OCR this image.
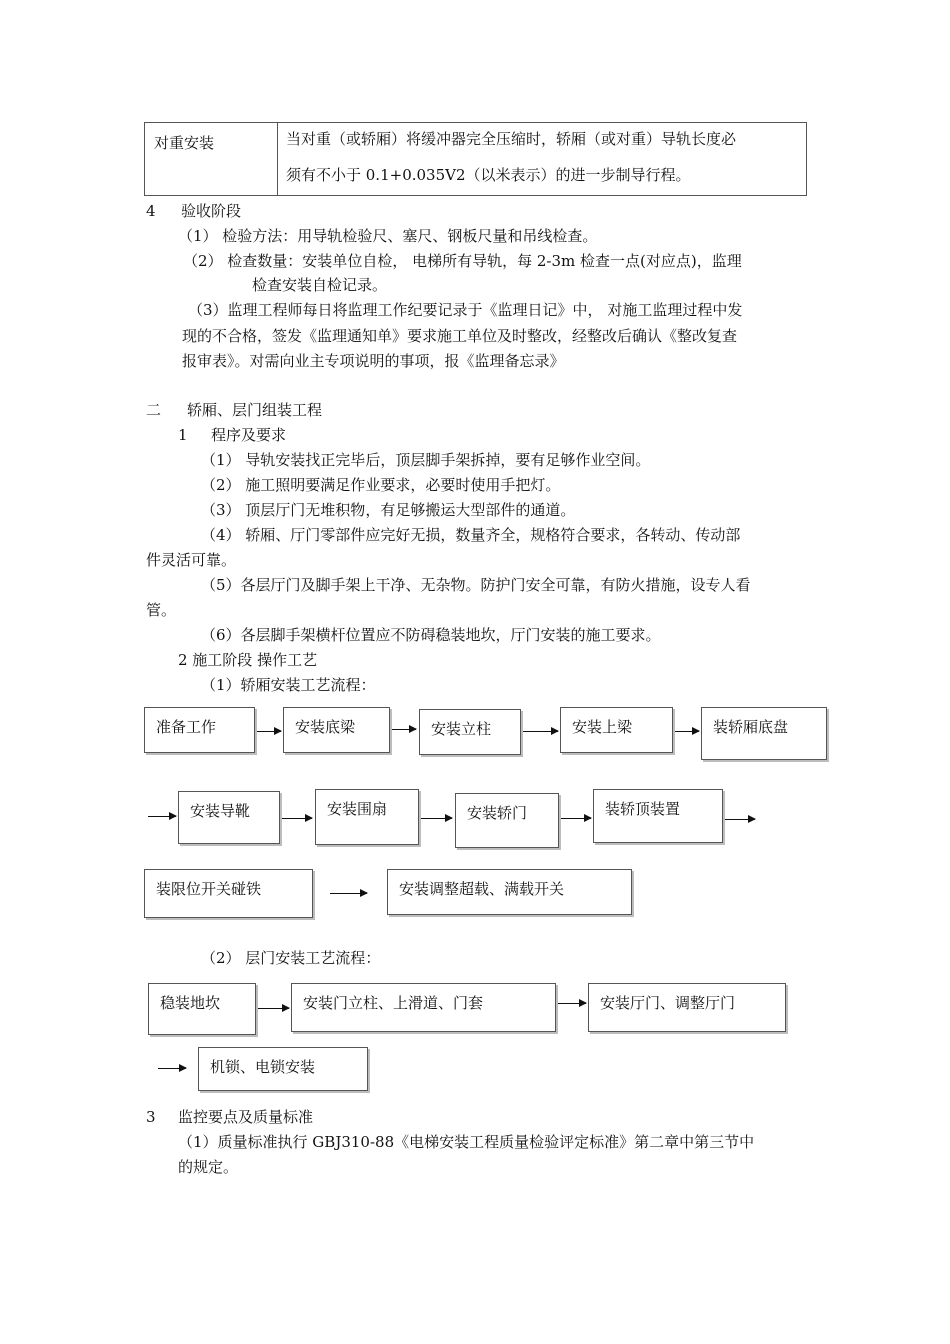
对重安装	当对重（或轿厢）将缓冲器完全压缩时，轿厢（或对重）导轨长度必
须有不小于 0.1+0.035V2（以米表示）的进一步制导行程。
4 验收阶段
（1） 检验方法：用导轨检验尺、塞尺、钢板尺量和吊线检查。
（2） 检查数量：安装单位自检， 电梯所有导轨，每 2-3m 检查一点(对应点)，监理
检查安装自检记录。
（3）监理工程师每日将监理工作纪要记录于《监理日记》中， 对施工监理过程中发
现的不合格，签发《监理通知单》要求施工单位及时整改，经整改后确认《整改复查
报审表》。对需向业主专项说明的事项，报《监理备忘录》
二 轿厢、层门组装工程
1 程序及要求
（1） 导轨安装找正完毕后，顶层脚手架拆掉，要有足够作业空间。
（2） 施工照明要满足作业要求，必要时使用手把灯。
（3） 顶层厅门无堆积物，有足够搬运大型部件的通道。
（4） 轿厢、厅门零部件应完好无损，数量齐全，规格符合要求，各转动、传动部
件灵活可靠。
（5）各层厅门及脚手架上干净、无杂物。防护门安全可靠，有防火措施，设专人看
管。
（6）各层脚手架横杆位置应不防碍稳装地坎，厅门安装的施工要求。
2 施工阶段 操作工艺
（1）轿厢安装工艺流程：
准备工作	安装底梁	安装立柱	安装上梁	装轿厢底盘
安装导靴	安装围扇	安装轿门	装轿顶装置
装限位开关碰铁	安装调整超载、满载开关
（2） 层门安装工艺流程：
稳装地坎	安装门立柱、上滑道、门套	安装厅门、调整厅门
机锁、电锁安装
3 监控要点及质量标准
（1）质量标准执行 GBJ310-88《电梯安装工程质量检验评定标准》第二章中第三节中
的规定。
